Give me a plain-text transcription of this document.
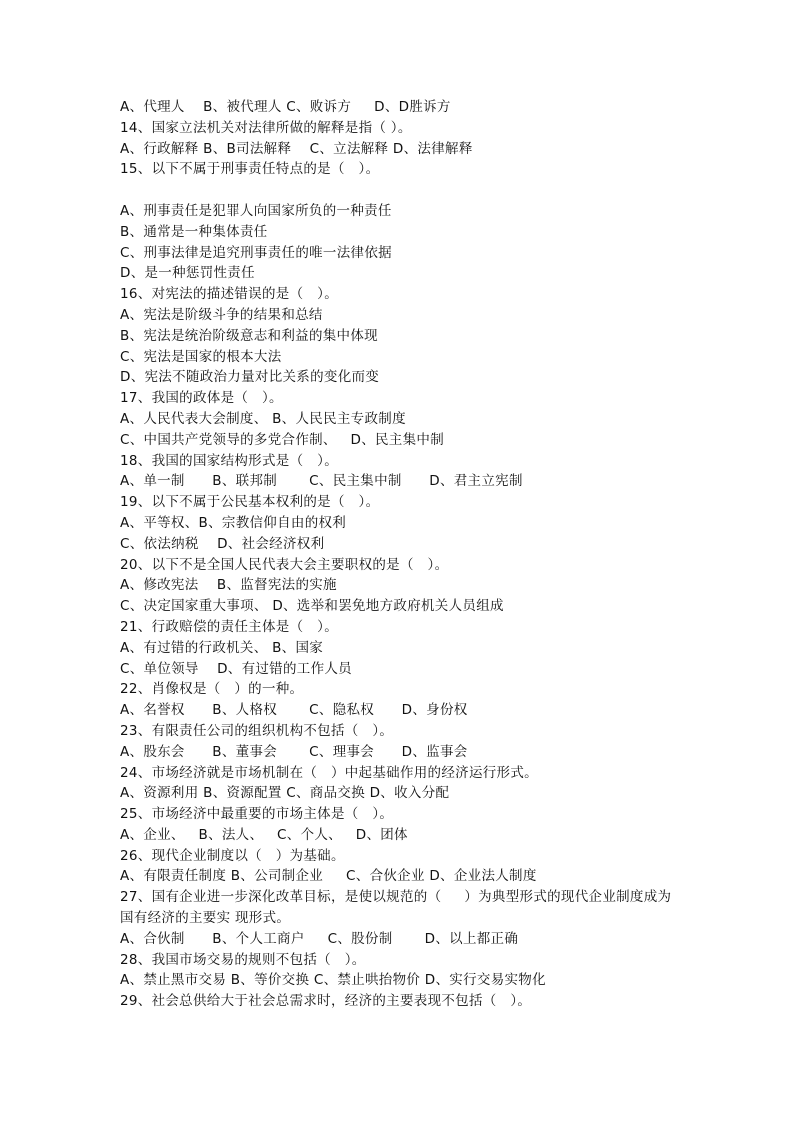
A、代理人    B、被代理人 C、败诉方     D、D胜诉方
14、国家立法机关对法律所做的解释是指（ ）。
A、行政解释 B、B司法解释    C、立法解释 D、法律解释
15、以下不属于刑事责任特点的是（   ）。
A、刑事责任是犯罪人向国家所负的一种责任
B、通常是一种集体责任
C、刑事法律是追究刑事责任的唯一法律依据
D、是一种惩罚性责任
16、对宪法的描述错误的是（   ）。
A、宪法是阶级斗争的结果和总结
B、宪法是统治阶级意志和利益的集中体现
C、宪法是国家的根本大法
D、宪法不随政治力量对比关系的变化而变
17、我国的政体是（   ）。
A、人民代表大会制度、 B、人民民主专政制度
C、中国共产党领导的多党合作制、   D、民主集中制
18、我国的国家结构形式是（   ）。
A、单一制      B、联邦制       C、民主集中制      D、君主立宪制
19、以下不属于公民基本权利的是（   ）。
A、平等权、B、宗教信仰自由的权利
C、依法纳税    D、社会经济权利
20、以下不是全国人民代表大会主要职权的是（   ）。
A、修改宪法    B、监督宪法的实施
C、决定国家重大事项、 D、选举和罢免地方政府机关人员组成
21、行政赔偿的责任主体是（   ）。
A、有过错的行政机关、 B、国家
C、单位领导    D、有过错的工作人员
22、肖像权是（   ）的一种。
A、名誉权      B、人格权       C、隐私权      D、身份权
23、有限责任公司的组织机构不包括（   ）。
A、股东会      B、董事会       C、理事会      D、监事会
24、市场经济就是市场机制在（   ）中起基础作用的经济运行形式。
A、资源利用 B、资源配置 C、商品交换 D、收入分配
25、市场经济中最重要的市场主体是（   ）。
A、企业、   B、法人、   C、个人、   D、团体
26、现代企业制度以（   ）为基础。
A、有限责任制度 B、公司制企业     C、合伙企业 D、企业法人制度
27、国有企业进一步深化改革目标，是使以规范的（     ）为典型形式的现代企业制度成为
国有经济的主要实 现形式。
A、合伙制      B、个人工商户     C、股份制       D、以上都正确
28、我国市场交易的规则不包括（   ）。
A、禁止黑市交易 B、等价交换 C、禁止哄抬物价 D、实行交易实物化
29、社会总供给大于社会总需求时，经济的主要表现不包括（   ）。
